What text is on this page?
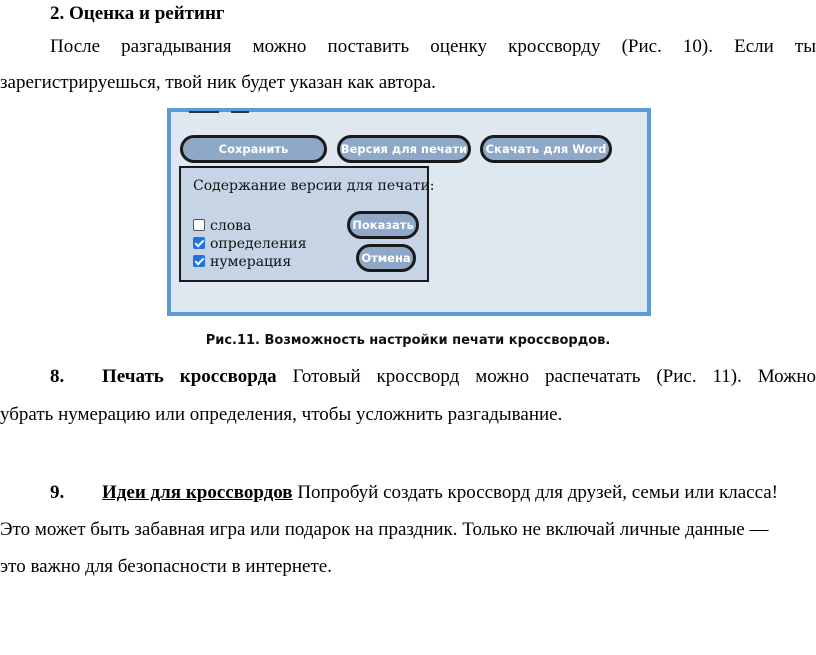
2. Оценка и рейтинг
После разгадывания можно поставить оценку кроссворду (Рис. 10). Если ты
зарегистрируешься, твой ник будет указан как автора.
Сохранить	Версия для печати	Скачать для Word
Содержание версии для печати:
слова
определения
нумерация
Показать
Отмена
Рис.11. Возможность настройки печати кроссвордов.
8. Печать кроссворда Готовый кроссворд можно распечатать (Рис. 11). Можно
убрать нумерацию или определения, чтобы усложнить разгадывание.
9. Идеи для кроссвордов Попробуй создать кроссворд для друзей, семьи или класса!
Это может быть забавная игра или подарок на праздник. Только не включай личные данные —
это важно для безопасности в интернете.
